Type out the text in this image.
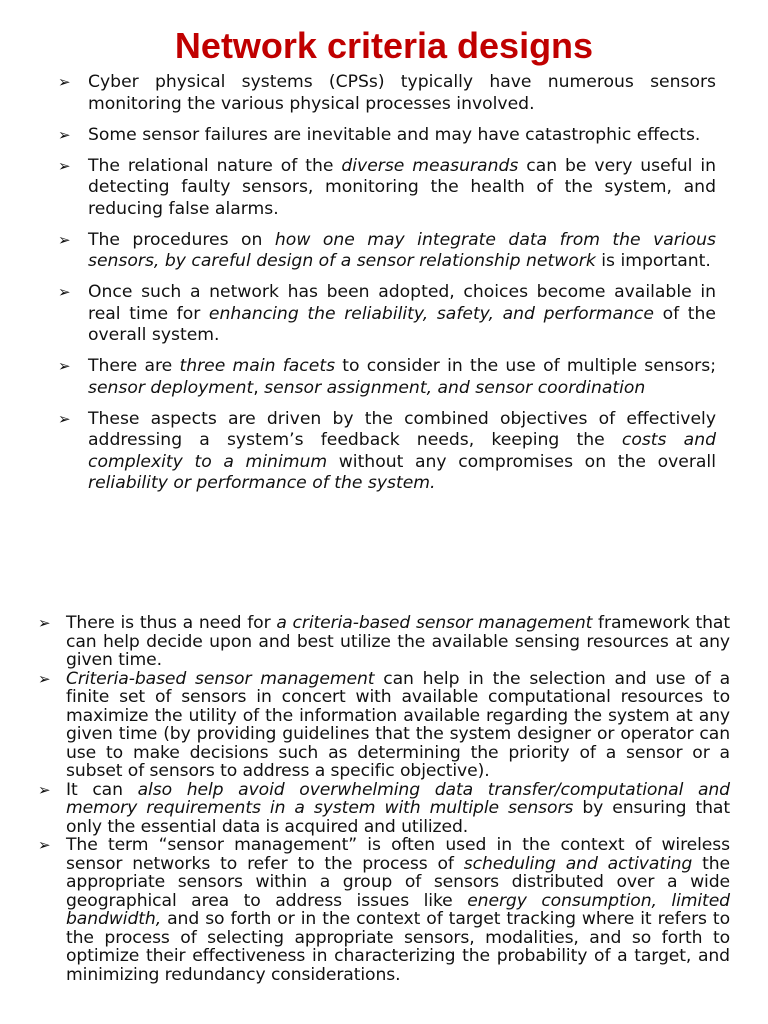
Network criteria designs
➢ Cyber physical systems (CPSs) typically have numerous sensors monitoring the various physical processes involved.
➢ Some sensor failures are inevitable and may have catastrophic effects.
➢ The relational nature of the diverse measurands can be very useful in detecting faulty sensors, monitoring the health of the system, and reducing false alarms.
➢ The procedures on how one may integrate data from the various sensors, by careful design of a sensor relationship network is important.
➢ Once such a network has been adopted, choices become available in real time for enhancing the reliability, safety, and performance of the overall system.
➢ There are three main facets to consider in the use of multiple sensors; sensor deployment, sensor assignment, and sensor coordination
➢ These aspects are driven by the combined objectives of effectively addressing a system’s feedback needs, keeping the costs and complexity to a minimum without any compromises on the overall reliability or performance of the system.
➢ There is thus a need for a criteria-based sensor management framework that can help decide upon and best utilize the available sensing resources at any given time.
➢ Criteria-based sensor management can help in the selection and use of a finite set of sensors in concert with available computational resources to maximize the utility of the information available regarding the system at any given time (by providing guidelines that the system designer or operator can use to make decisions such as determining the priority of a sensor or a subset of sensors to address a specific objective).
➢ It can also help avoid overwhelming data transfer/computational and memory requirements in a system with multiple sensors by ensuring that only the essential data is acquired and utilized.
➢ The term “sensor management” is often used in the context of wireless sensor networks to refer to the process of scheduling and activating the appropriate sensors within a group of sensors distributed over a wide geographical area to address issues like energy consumption, limited bandwidth, and so forth or in the context of target tracking where it refers to the process of selecting appropriate sensors, modalities, and so forth to optimize their effectiveness in characterizing the probability of a target, and minimizing redundancy considerations.
